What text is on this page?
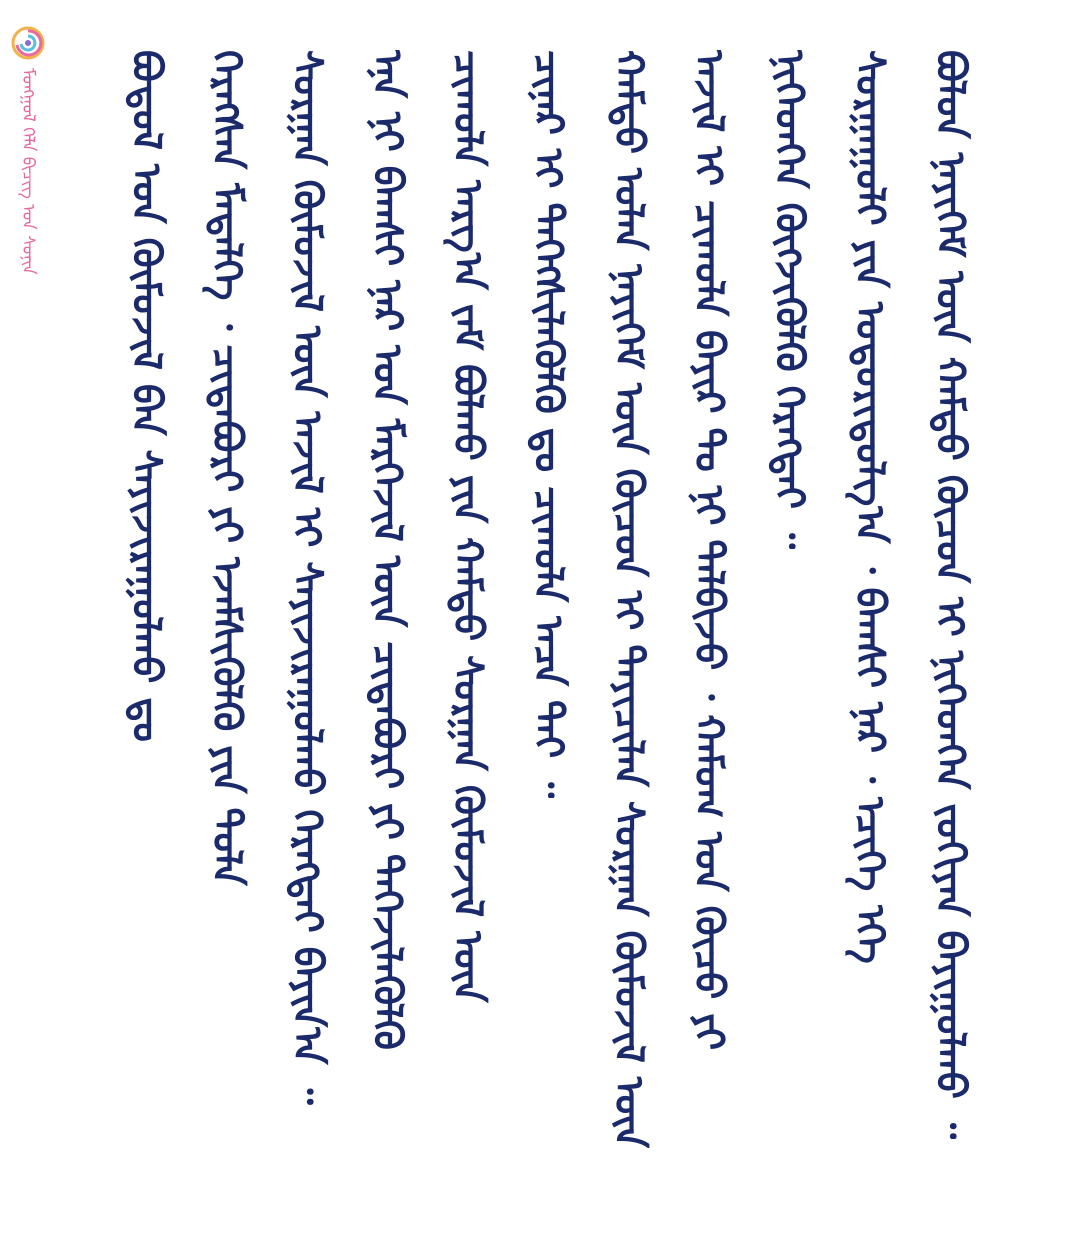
ᠮᠣᠩᠭᠣᠯ ᠬᠡᠯᠡ ᠪᠢᠴᠢᠭ ᠤᠨ ᠰᠣᠨᠢᠨ ᠪᠣᠳᠣᠯ ᠤᠨ ᠬᠥᠮᠦᠵᠢᠯ ᠪᠠᠨ ᠰᠠᠶᠢᠵᠢᠷᠠᠭᠤᠯᠬᠤ ᠳᠤ ᠬᠡᠷᠡᠭᠰᠡᠨ ᠮᠡᠳᠡᠯᠭᠡ ᠂ ᠴᠢᠳᠠᠪᠤᠷᠢ ᠶᠢ ᠡᠵᠡᠮᠰᠢᠭᠦᠯᠬᠦ ᠶᠢᠨ ᠲᠤᠯᠠ ᠰᠤᠷᠭᠠᠨ ᠬᠦᠮᠦᠵᠢᠯ ᠦᠨ ᠠᠵᠢᠯ ᠢ ᠰᠠᠶᠢᠵᠢᠷᠠᠭᠤᠯᠬᠤ ᠬᠡᠷᠡᠭᠲᠡᠢ ᠪᠠᠶᠢᠨ᠎ᠠ ᠃ ᠡᠨᠡ ᠨᠢ ᠪᠠᠭᠰᠢ ᠨᠠᠷ ᠤᠨ ᠮᠡᠷᠭᠡᠵᠢᠯ ᠦᠨ ᠴᠢᠳᠠᠪᠤᠷᠢ ᠶᠢ ᠳᠡᠭᠡᠵᠢᠯᠡᠭᠦᠯᠬᠦ ᠴᠢᠬᠤᠯᠠ ᠠᠷᠭ᠎ᠠ ᠵᠠᠮ ᠪᠣᠯᠬᠤ ᠶᠢᠨ ᠬᠠᠮᠲᠤ ᠰᠤᠷᠭᠠᠨ ᠬᠦᠮᠦᠵᠢᠯ ᠦᠨ ᠴᠢᠨᠠᠷ ᠢ ᠳᠡᠭᠡᠭᠰᠢᠯᠡᠭᠦᠯᠬᠦ ᠳᠤ ᠴᠢᠬᠤᠯᠠ ᠠᠴᠠ ᠲᠠᠢ ᠃ ᠬᠠᠮᠲᠤ ᠣᠯᠠᠨ ᠨᠡᠶᠢᠭᠡᠮ ᠦᠨ ᠬᠦᠴᠦᠨ ᠢ ᠳᠠᠶᠢᠴᠢᠯᠠᠨ ᠰᠤᠷᠭᠠᠨ ᠬᠦᠮᠦᠵᠢᠯ ᠦᠨ ᠠᠵᠢᠯ ᠢ ᠴᠢᠬᠤᠯᠠ ᠪᠠᠶᠢᠷ ᠲᠤ ᠨᠢ ᠲᠠᠯᠪᠢᠵᠤ ᠂ ᠬᠠᠮᠤᠭ ᠤᠨ ᠬᠦᠴᠦ ᠶᠢ ᠨᠢᠭᠡᠳᠬᠡᠨ ᠬᠥᠭᠵᠢᠭᠦᠯᠬᠦ ᠬᠡᠷᠡᠭᠲᠡᠢ ᠃ ᠰᠤᠷᠭᠠᠭᠤᠯᠢ ᠶᠢᠨ ᠤᠳᠤᠷᠢᠳᠤᠯᠭ᠎ᠠ ᠂ ᠪᠠᠭᠰᠢ ᠨᠠᠷ ᠂ ᠡᠴᠢᠭᠡ ᠡᠬᠡ ᠪᠣᠯᠣᠨ ᠨᠡᠶᠢᠭᠡᠮ ᠦᠨ ᠬᠠᠮᠲᠤ ᠬᠦᠴᠦᠨ ᠢ ᠨᠢᠭᠡᠳᠬᠡᠨ ᠵᠣᠬᠢᠶᠠᠨ ᠪᠠᠶᠢᠭᠤᠯᠬᠤ ᠃
